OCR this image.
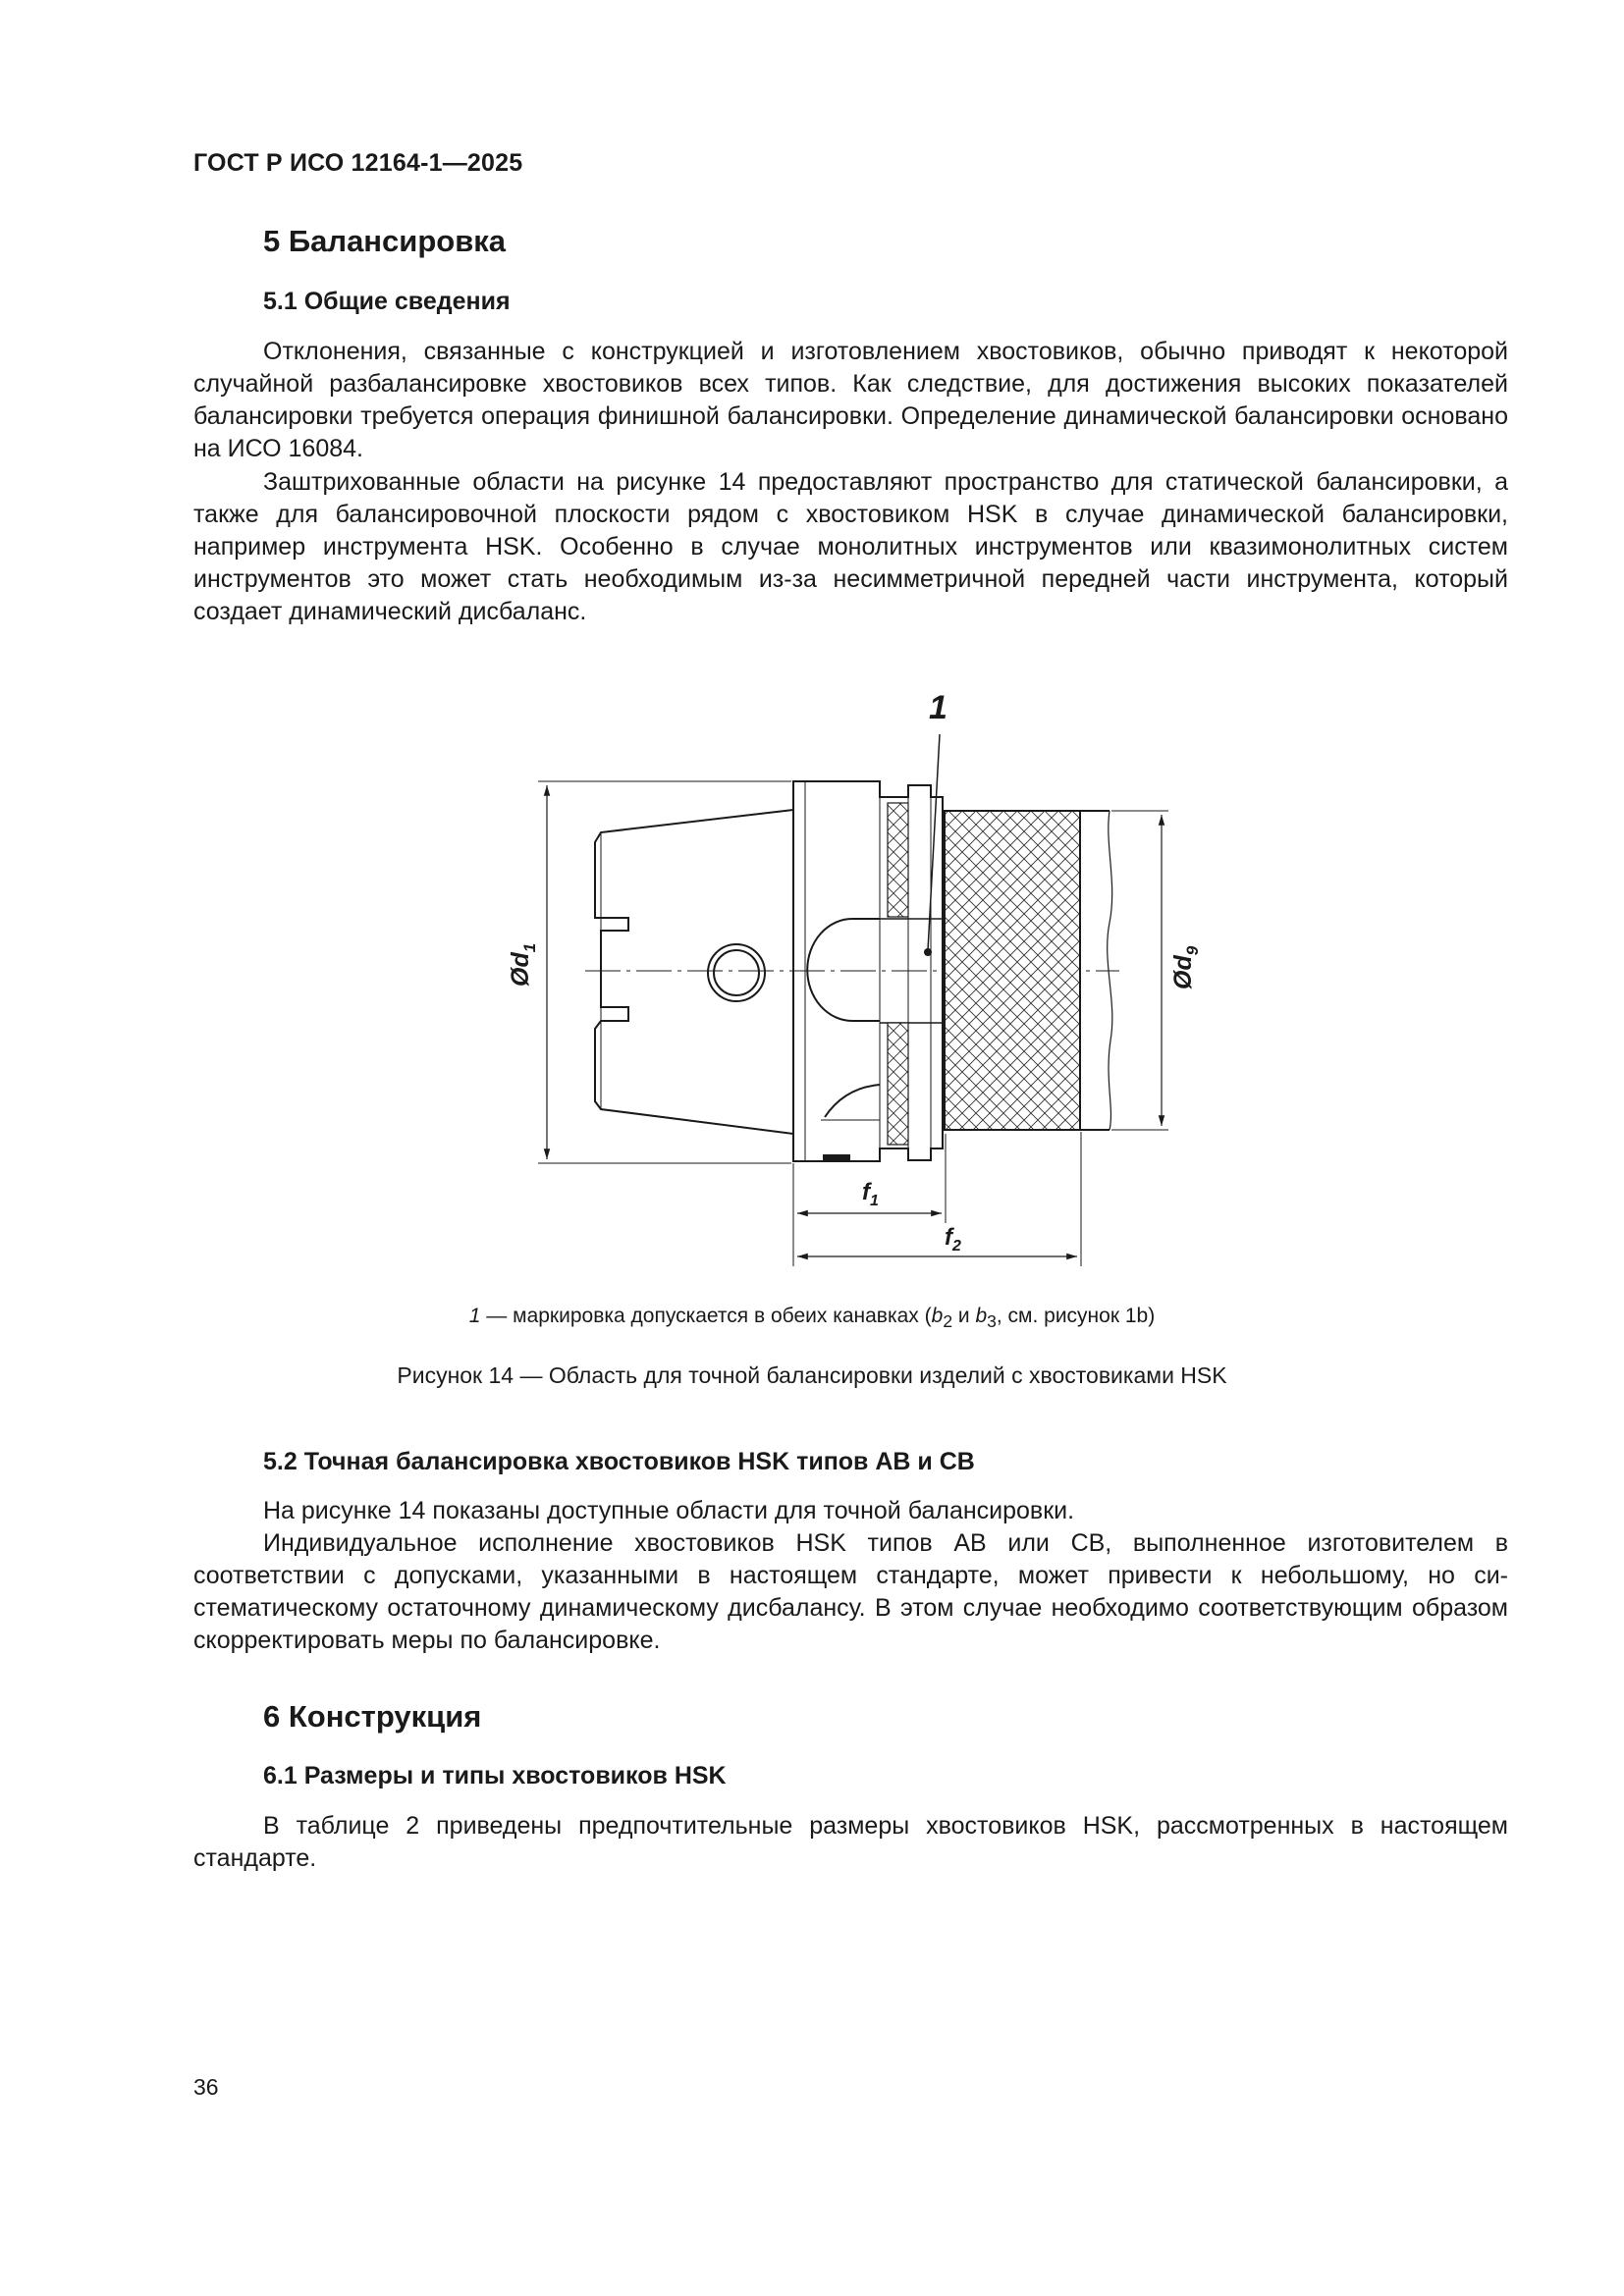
ГОСТ Р ИСО 12164-1—2025
5 Балансировка
5.1 Общие сведения

Отклонения, связанные с конструкцией и изготовлением хвостовиков, обычно приводят к некоторой случайной разбалансировке хвостовиков всех типов. Как следствие, для достижения высоких показателей балансировки требуется операция финишной балансировки. Определение динамической балансировки основано на ИСО 16084.

Заштрихованные области на рисунке 14 предоставляют пространство для статической балансировки, а также для балансировочной плоскости рядом с хвостовиком HSK в случае динамической балансировки, например инструмента HSK. Особенно в случае монолитных инструментов или квазимонолитных систем инструментов это может стать необходимым из-за несимметричной передней части инструмента, который создает динамический дисбаланс.

1
$Ød_1$
$Ød_9$
$f_1$
$f_2$
1 — маркировка допускается в обеих канавках ($b_2$ и $b_3$, см. рисунок 1b)
Рисунок 14 — Область для точной балансировки изделий с хвостовиками HSK
5.2 Точная балансировка хвостовиков HSK типов AB и CB

На рисунке 14 показаны доступные области для точной балансировки.

Индивидуальное исполнение хвостовиков HSK типов AB или CB, выполненное изготовителем в соответствии с допусками, указанными в настоящем стандарте, может привести к небольшому, но систематическому остаточному динамическому дисбалансу. В этом случае необходимо соответствующим образом скорректировать меры по балансировке.

6 Конструкция
6.1 Размеры и типы хвостовиков HSK

В таблице 2 приведены предпочтительные размеры хвостовиков HSK, рассмотренных в настоящем стандарте.

36
